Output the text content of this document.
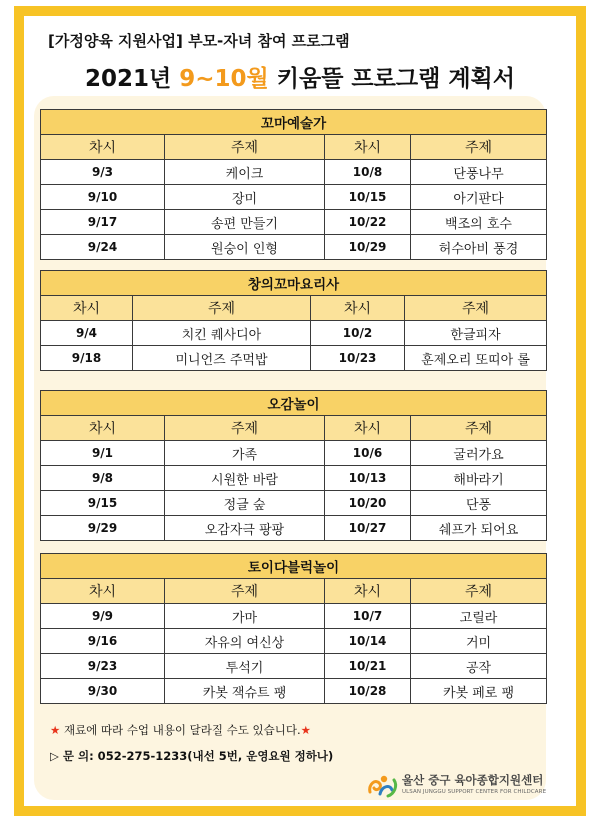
[가정양육 지원사업] 부모-자녀 참여 프로그램
2021년 9~10월 키움뜰 프로그램 계획서
꼬마예술가			
차시	주제	차시	주제
9/3	케이크	10/8	단풍나무
9/10	장미	10/15	아기판다
9/17	송편 만들기	10/22	백조의 호수
9/24	원숭이 인형	10/29	허수아비 풍경
창의꼬마요리사			
차시	주제	차시	주제
9/4	치킨 퀘사디아	10/2	한글피자
9/18	미니언즈 주먹밥	10/23	훈제오리 또띠아 롤
오감놀이			
차시	주제	차시	주제
9/1	가족	10/6	굴러가요
9/8	시원한 바람	10/13	해바라기
9/15	정글 숲	10/20	단풍
9/29	오감자극 팡팡	10/27	쉐프가 되어요
토이다블럭놀이			
차시	주제	차시	주제
9/9	가마	10/7	고릴라
9/16	자유의 여신상	10/14	거미
9/23	투석기	10/21	공작
9/30	카봇 잭슈트 팽	10/28	카봇 페로 팽
★ 재료에 따라 수업 내용이 달라질 수도 있습니다.★
▷ 문 의: 052-275-1233(내선 5번, 운영요원 정하나)
울산 중구 육아종합지원센터
ULSAN JUNGGU SUPPORT CENTER FOR CHILDCARE
